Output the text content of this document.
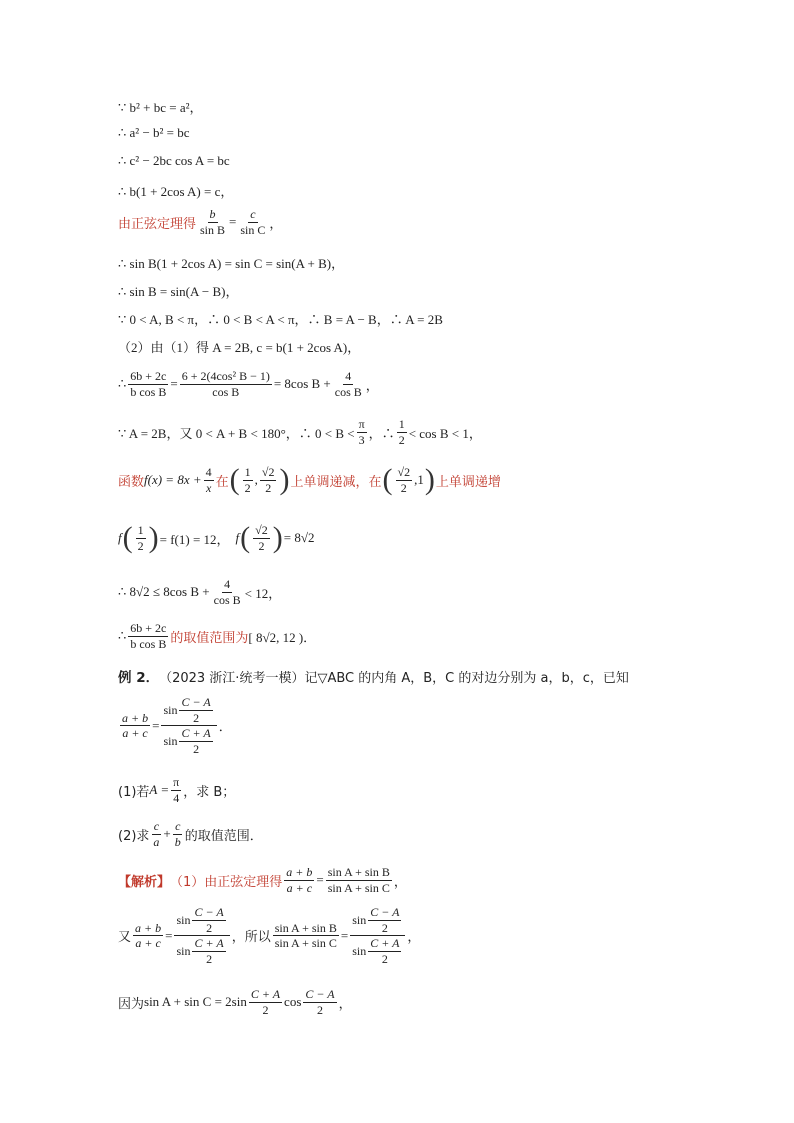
∵ b² + bc = a²，
∴ a² − b² = bc
∴ c² − 2bc cos A = bc
∴ b(1 + 2cos A) = c，
由正弦定理得 $\frac{b}{\text{sin B}} = \frac{c}{\text{sin C}}$ ，
∴ sin B(1 + 2cos A) = sin C = sin(A + B)，
∴ sin B = sin(A − B)，
∵ 0 < A, B < π，∴ 0 < B < A < π，∴ B = A − B，∴ A = 2B
（2）由（1）得 A = 2B, c = b(1 + 2cos A)，
∴ $\frac{6b + 2c}{\text{b cos B}} = \frac{\text{6 + 2(4cos² B − 1)}}{\text{cos B}} = 8\cos$ $B + \frac{4}{\text{cos B}}$ ，
∵ A = 2B，又 0 < A + B < 180°，∴ $0 < B < \frac{\pi}{3}$ ，∴ $\frac{1}{2} < \cos B < 1$，
函数 $f(x) = 8x + \frac{4}{x}$ 在 ( $\frac{1}{2}$ , $\frac{√2}{2}$ ) 上单调递减，在 ( $\frac{√2}{2} ,1$ ) 上单调递增
f ( $\frac{1}{2}$ ) = f(1) = 12， f ( $\frac{√2}{2}$ ) = 8√2
∴ 8√2 ≤ 8cos $B + \frac{4}{\text{cos B}} < 12$，
∴ $\frac{6b + 2c}{\text{b cos B}}$ 的取值范围为 [ 8√2, 12 )．
例 2． （2023 浙江·统考一模） 记▽ABC 的内角 A，B，C 的对边分别为 a，b，c，已知
$\frac{a + b}{a + c} = \frac{\sin \frac{C - A}{2}}{\sin \frac{C + A}{2}}$ ．
(1)若 $A = \frac{\pi}{4}$ ，求 B；
(2)求 $\frac{c}{a} + \frac{c}{b}$ 的取值范围．
【解析】 （1）由正弦定理得 $\frac{a + b}{a + c} = \frac{\text{sin A + sin B}}{\text{sin A + sin C}}$ ，
又 $\frac{a + b}{a + c} = \frac{\sin \frac{C - A}{2}}{\sin \frac{C + A}{2}}$ ，所以 $\frac{\text{sin A + sin B}}{\text{sin A + sin C}} = \frac{\sin \frac{C - A}{2}}{\sin \frac{C + A}{2}}$ ，
因为 $\sin A + \sin C = 2\sin \frac{C + A}{2}$ $\cos \frac{C - A}{2}$ ，
